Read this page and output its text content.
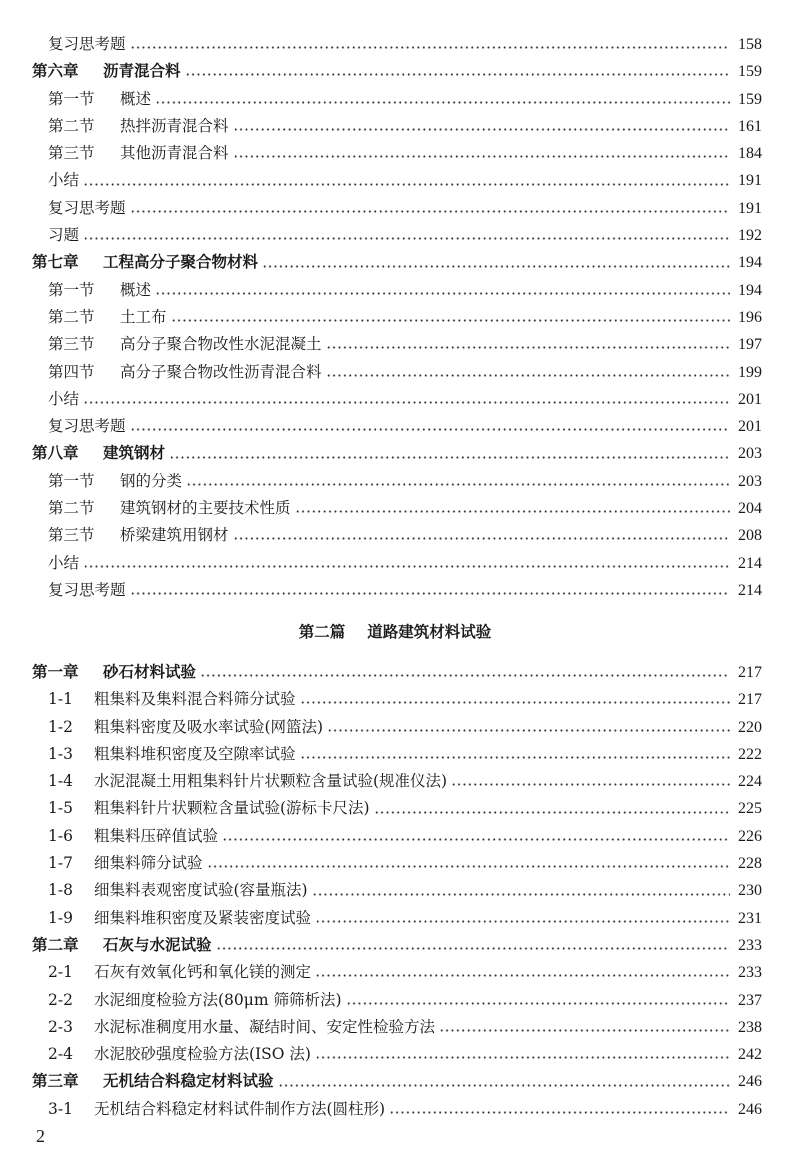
复习思考题	158
第六章	沥青混合料	159
第一节	概述	159
第二节	热拌沥青混合料	161
第三节	其他沥青混合料	184
小结	191
复习思考题	191
习题	192
第七章	工程高分子聚合物材料	194
第一节	概述	194
第二节	土工布	196
第三节	高分子聚合物改性水泥混凝土	197
第四节	高分子聚合物改性沥青混合料	199
小结	201
复习思考题	201
第八章	建筑钢材	203
第一节	钢的分类	203
第二节	建筑钢材的主要技术性质	204
第三节	桥梁建筑用钢材	208
小结	214
复习思考题	214
第二篇 道路建筑材料试验
第一章	砂石材料试验	217
1-1	粗集料及集料混合料筛分试验	217
1-2	粗集料密度及吸水率试验(网篮法)	220
1-3	粗集料堆积密度及空隙率试验	222
1-4	水泥混凝土用粗集料针片状颗粒含量试验(规准仪法)	224
1-5	粗集料针片状颗粒含量试验(游标卡尺法)	225
1-6	粗集料压碎值试验	226
1-7	细集料筛分试验	228
1-8	细集料表观密度试验(容量瓶法)	230
1-9	细集料堆积密度及紧装密度试验	231
第二章	石灰与水泥试验	233
2-1	石灰有效氧化钙和氧化镁的测定	233
2-2	水泥细度检验方法(80μm 筛筛析法)	237
2-3	水泥标准稠度用水量、凝结时间、安定性检验方法	238
2-4	水泥胶砂强度检验方法(ISO 法)	242
第三章	无机结合料稳定材料试验	246
3-1	无机结合料稳定材料试件制作方法(圆柱形)	246
2
